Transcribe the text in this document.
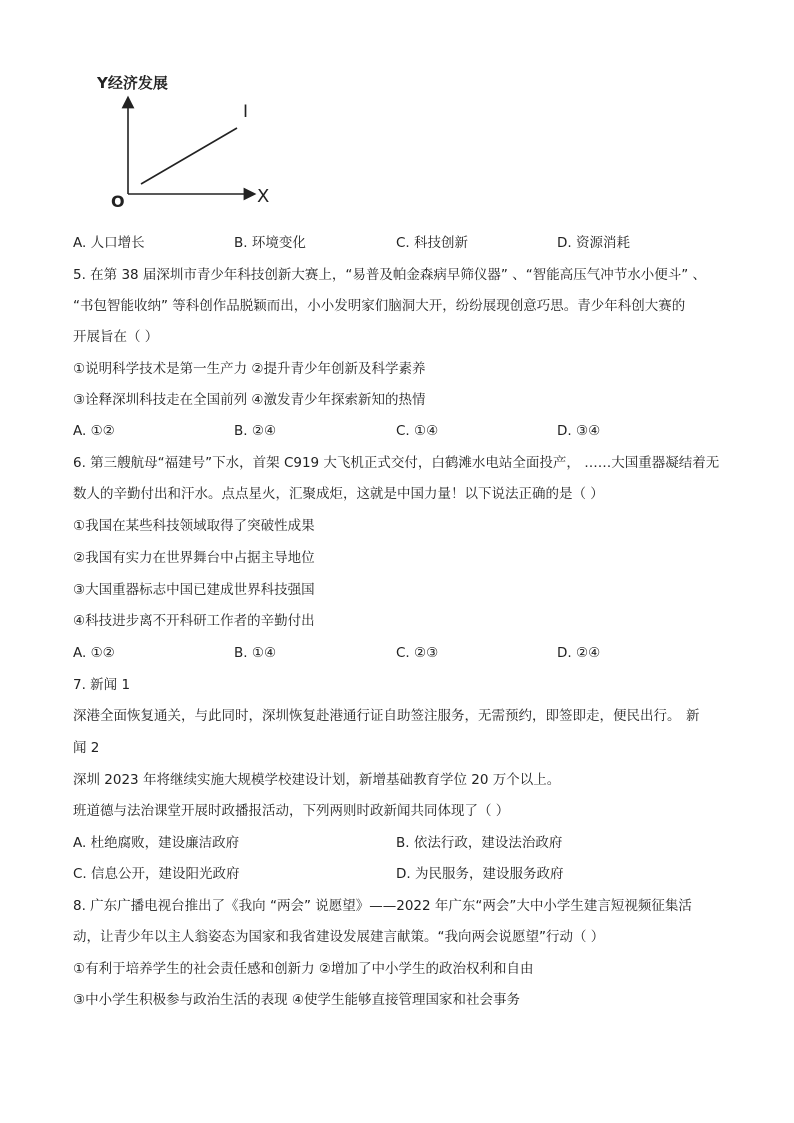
Y经济发展
X
O
I
A. 人口增长	B. 环境变化	C. 科技创新	D. 资源消耗
5. 在第 38 届深圳市青少年科技创新大赛上，“易普及帕金森病早筛仪器” 、“智能高压气冲节水小便斗” 、
“书包智能收纳” 等科创作品脱颖而出，小小发明家们脑洞大开，纷纷展现创意巧思。青少年科创大赛的
开展旨在（ ）
①说明科学技术是第一生产力 ②提升青少年创新及科学素养
③诠释深圳科技走在全国前列 ④激发青少年探索新知的热情
A. ①②	B. ②④	C. ①④	D. ③④
6. 第三艘航母“福建号”下水，首架 C919 大飞机正式交付，白鹤滩水电站全面投产， ……大国重器凝结着无
数人的辛勤付出和汗水。点点星火，汇聚成炬，这就是中国力量！以下说法正确的是（ ）
①我国在某些科技领域取得了突破性成果
②我国有实力在世界舞台中占据主导地位
③大国重器标志中国已建成世界科技强国
④科技进步离不开科研工作者的辛勤付出
A. ①②	B. ①④	C. ②③	D. ②④
7. 新闻 1
深港全面恢复通关，与此同时，深圳恢复赴港通行证自助签注服务，无需预约，即签即走，便民出行。 新
闻 2
深圳 2023 年将继续实施大规模学校建设计划，新增基础教育学位 20 万个以上。
班道德与法治课堂开展时政播报活动，下列两则时政新闻共同体现了（ ）
A. 杜绝腐败，建设廉洁政府	B. 依法行政，建设法治政府
C. 信息公开，建设阳光政府	D. 为民服务，建设服务政府
8. 广东广播电视台推出了《我向 “两会” 说愿望》——2022 年广东“两会”大中小学生建言短视频征集活
动，让青少年以主人翁姿态为国家和我省建设发展建言献策。“我向两会说愿望”行动（ ）
①有利于培养学生的社会责任感和创新力 ②增加了中小学生的政治权利和自由
③中小学生积极参与政治生活的表现 ④使学生能够直接管理国家和社会事务
